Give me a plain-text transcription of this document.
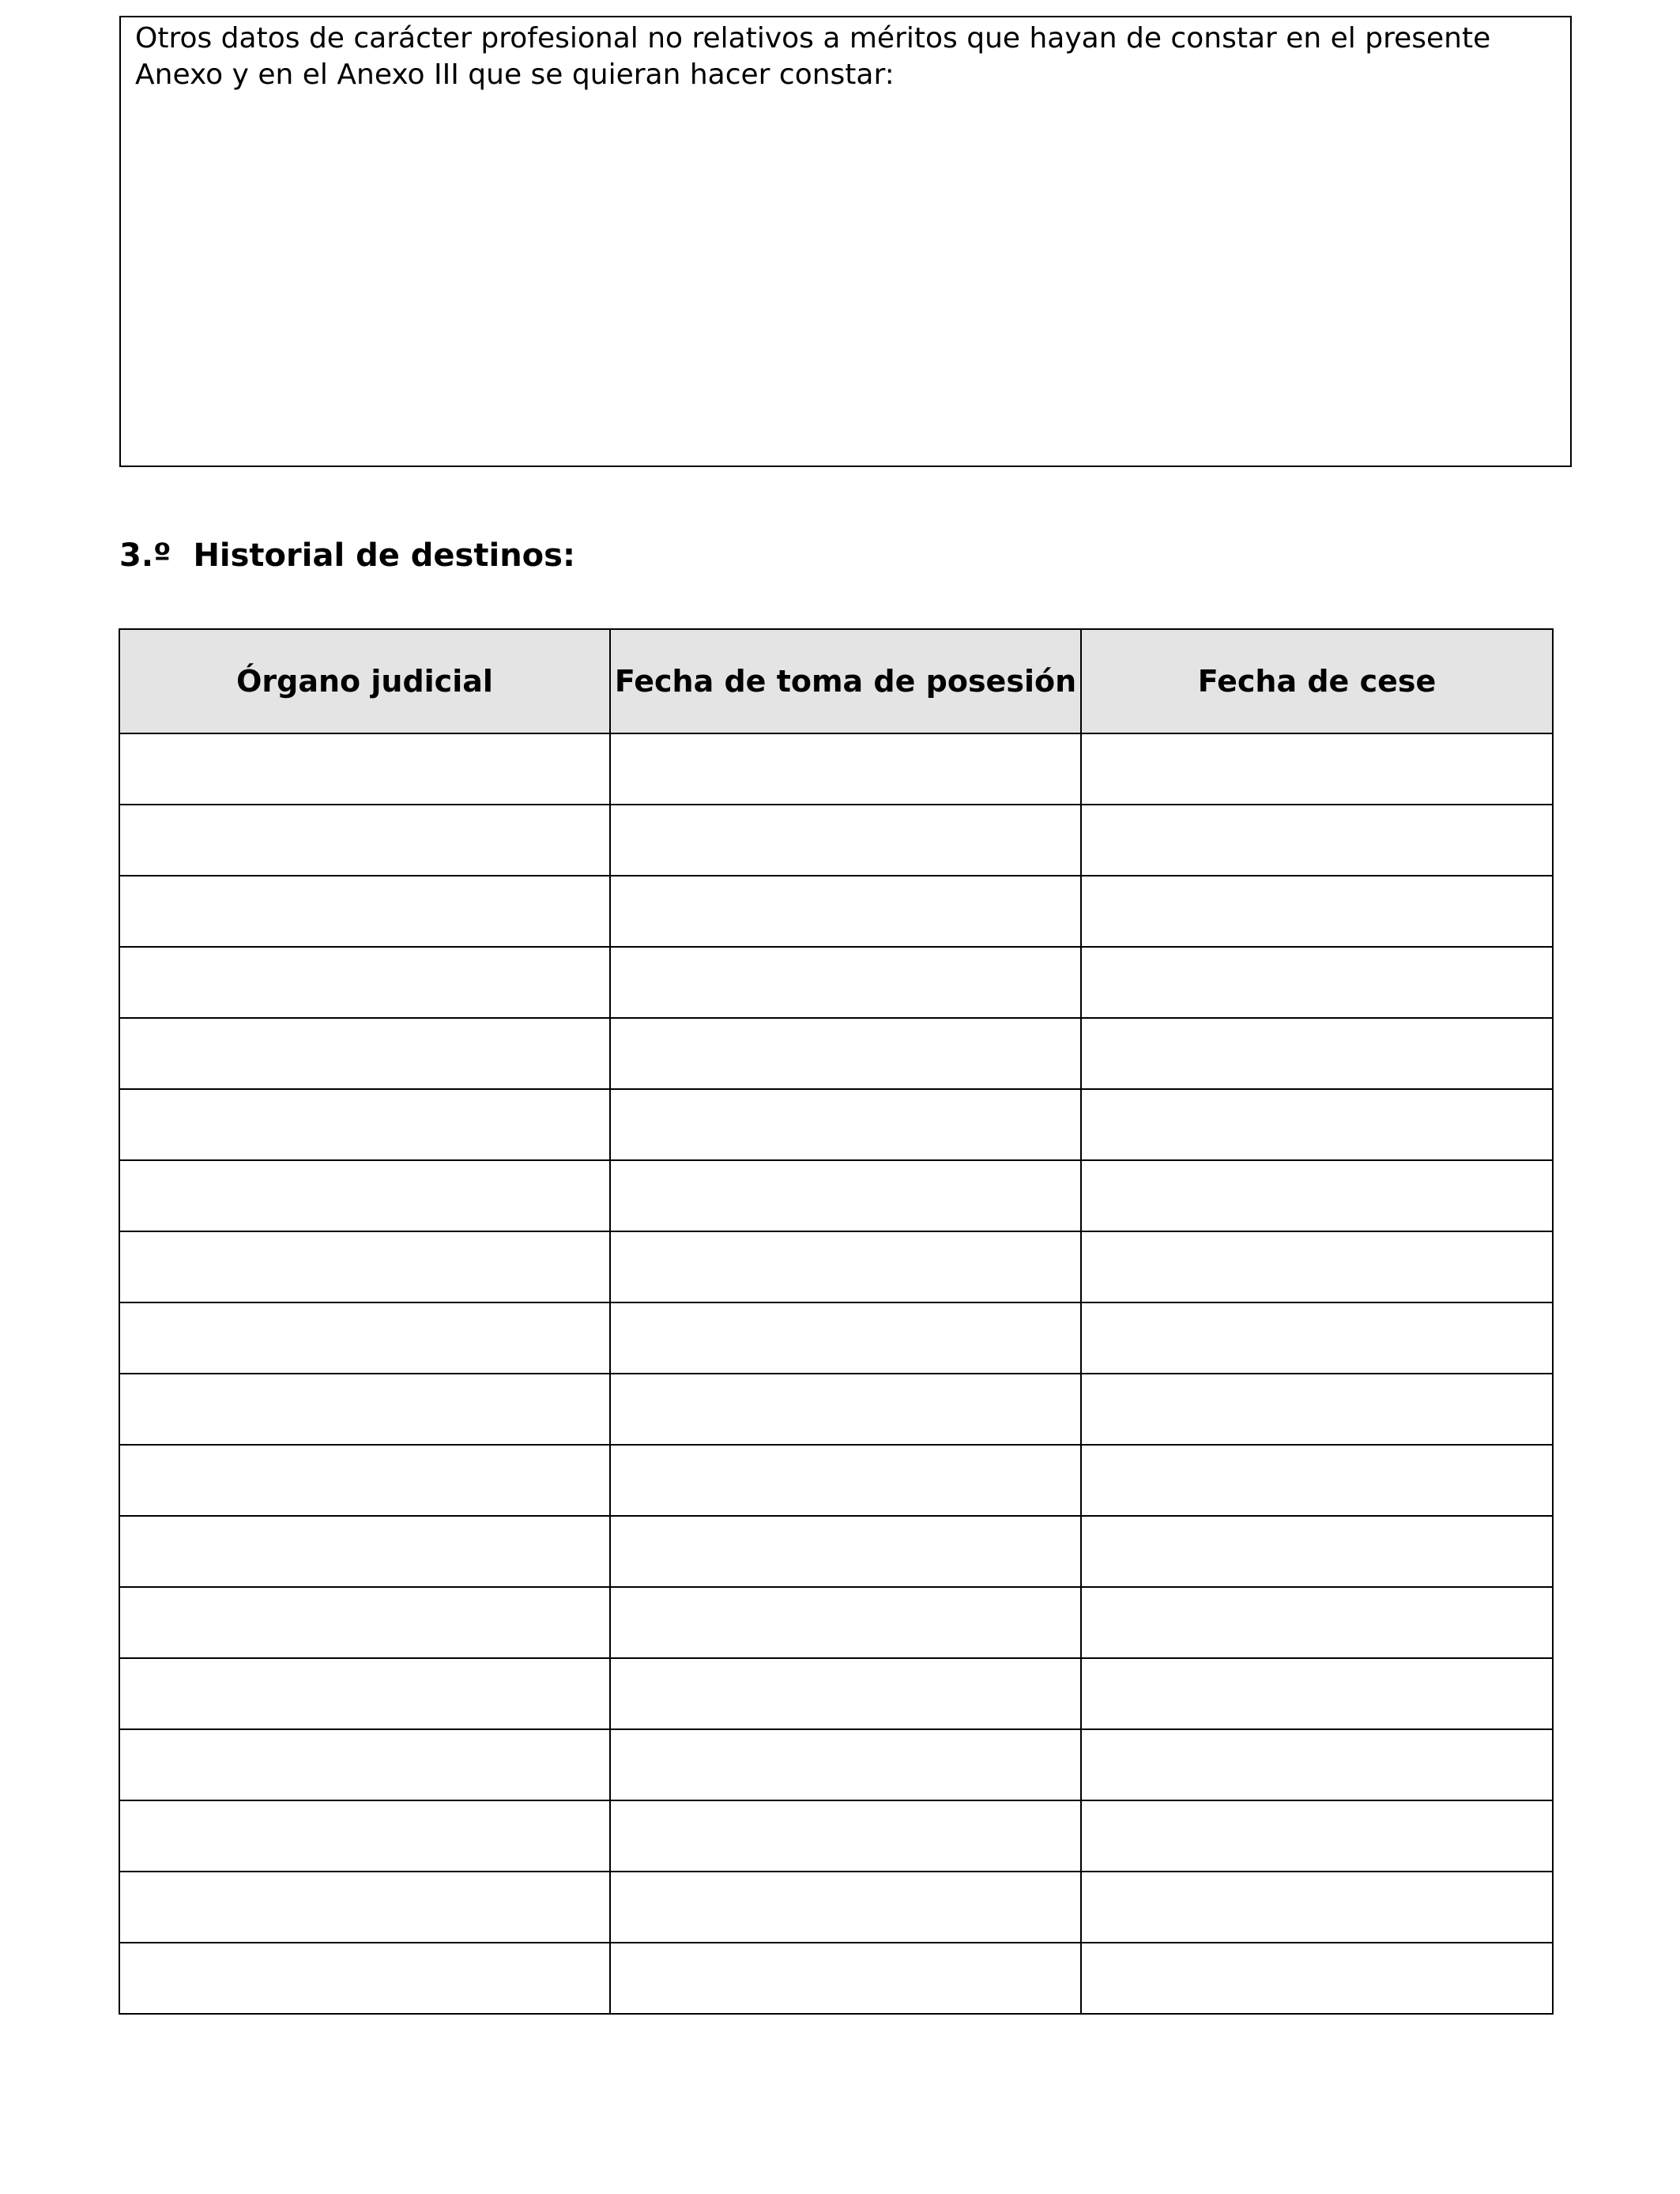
Otros datos de carácter profesional no relativos a méritos que hayan de constar en el presente Anexo y en el Anexo III que se quieran hacer constar:

3.º  Historial de destinos:
Órgano judicial	Fecha de toma de posesión	Fecha de cese
